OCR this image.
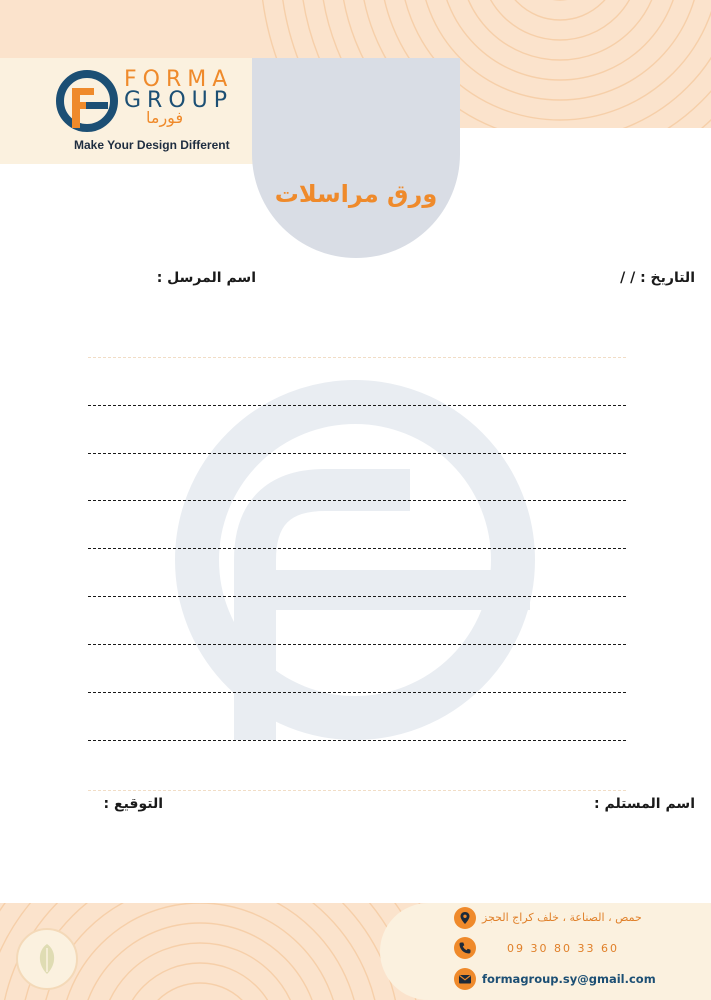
FORMA
GROUP
فورما
Make Your Design Different
ورق مراسلات
التاريخ : / /
اسم المرسل :
اسم المستلم :
التوقيع :
حمص ، الصناعة ، خلف كراج الحجز
09 30 80 33 60
formagroup.sy@gmail.com
